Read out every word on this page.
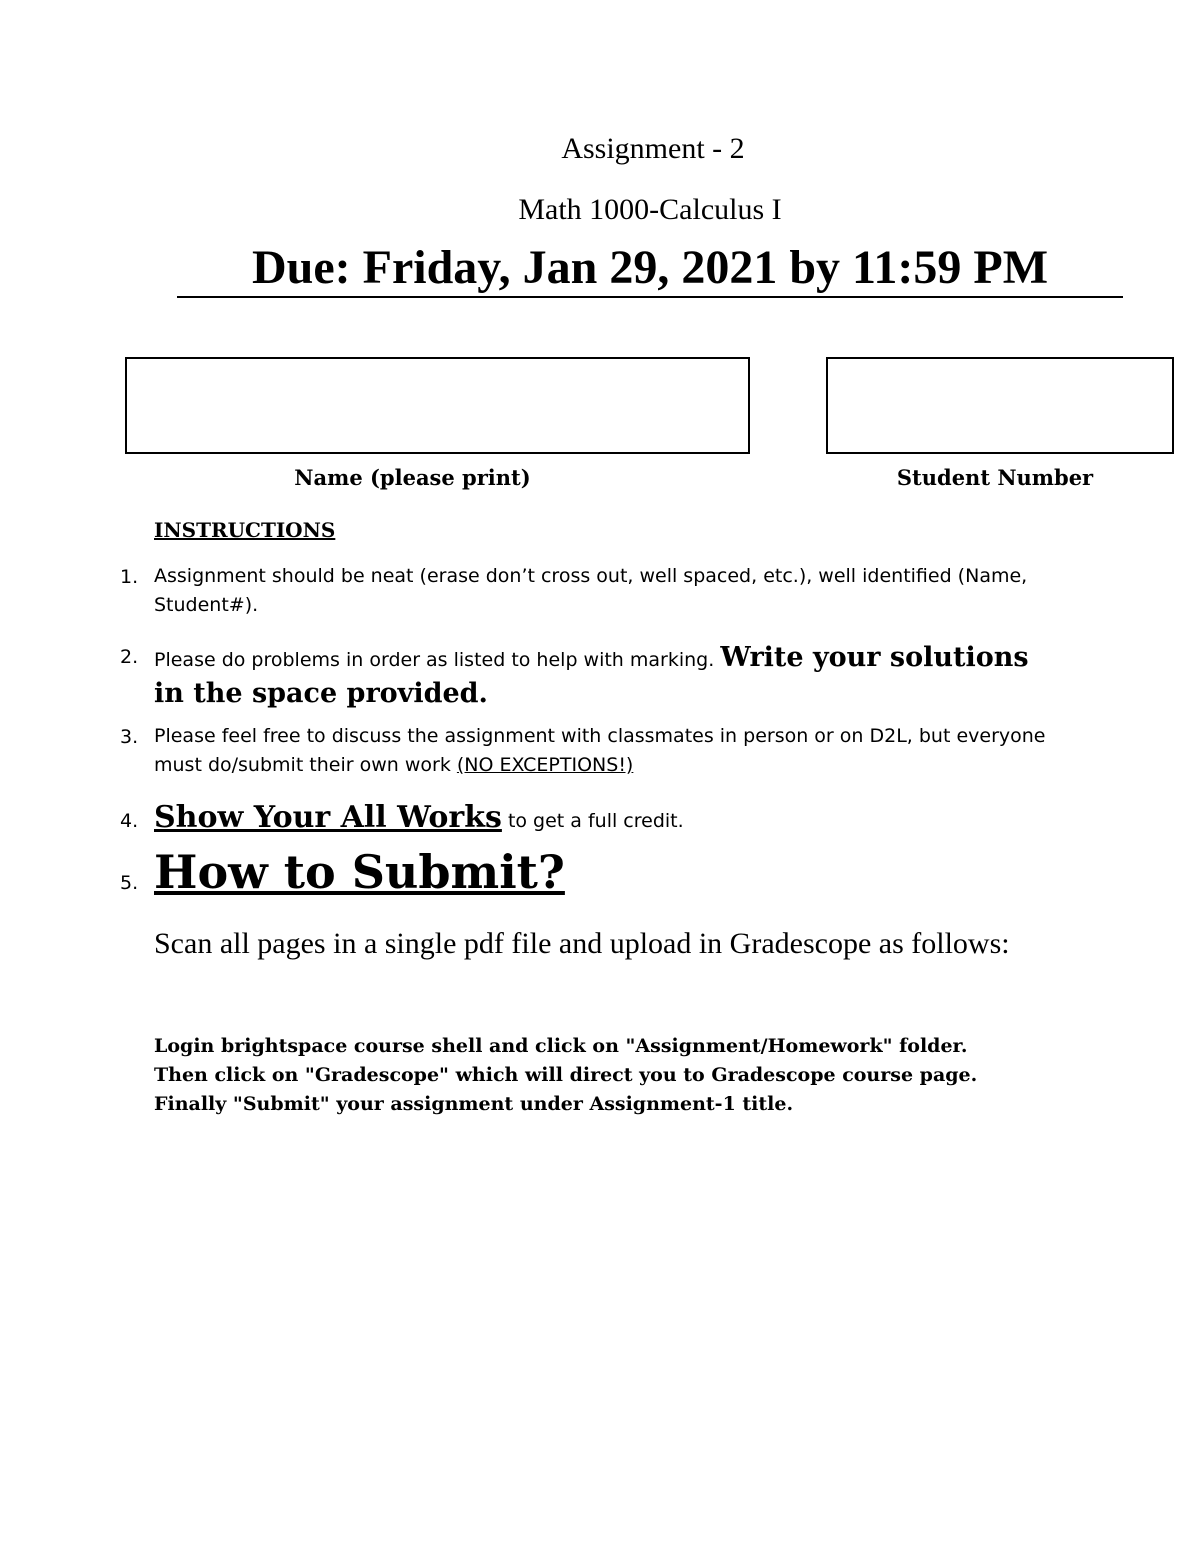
Assignment - 2
Math 1000-Calculus I
Due: Friday, Jan 29, 2021 by 11:59 PM
Name (please print)	Student Number
INSTRUCTIONS
1. Assignment should be neat (erase don’t cross out, well spaced, etc.), well identified (Name, Student#).
2. Please do problems in order as listed to help with marking. Write your solutions in the space provided.
3. Please feel free to discuss the assignment with classmates in person or on D2L, but everyone must do/submit their own work (NO EXCEPTIONS!)
4. Show Your All Works to get a full credit.
5. How to Submit?
Scan all pages in a single pdf file and upload in Gradescope as follows:
Login brightspace course shell and click on "Assignment/Homework" folder.
Then click on "Gradescope" which will direct you to Gradescope course page.
Finally "Submit" your assignment under Assignment-1 title.
